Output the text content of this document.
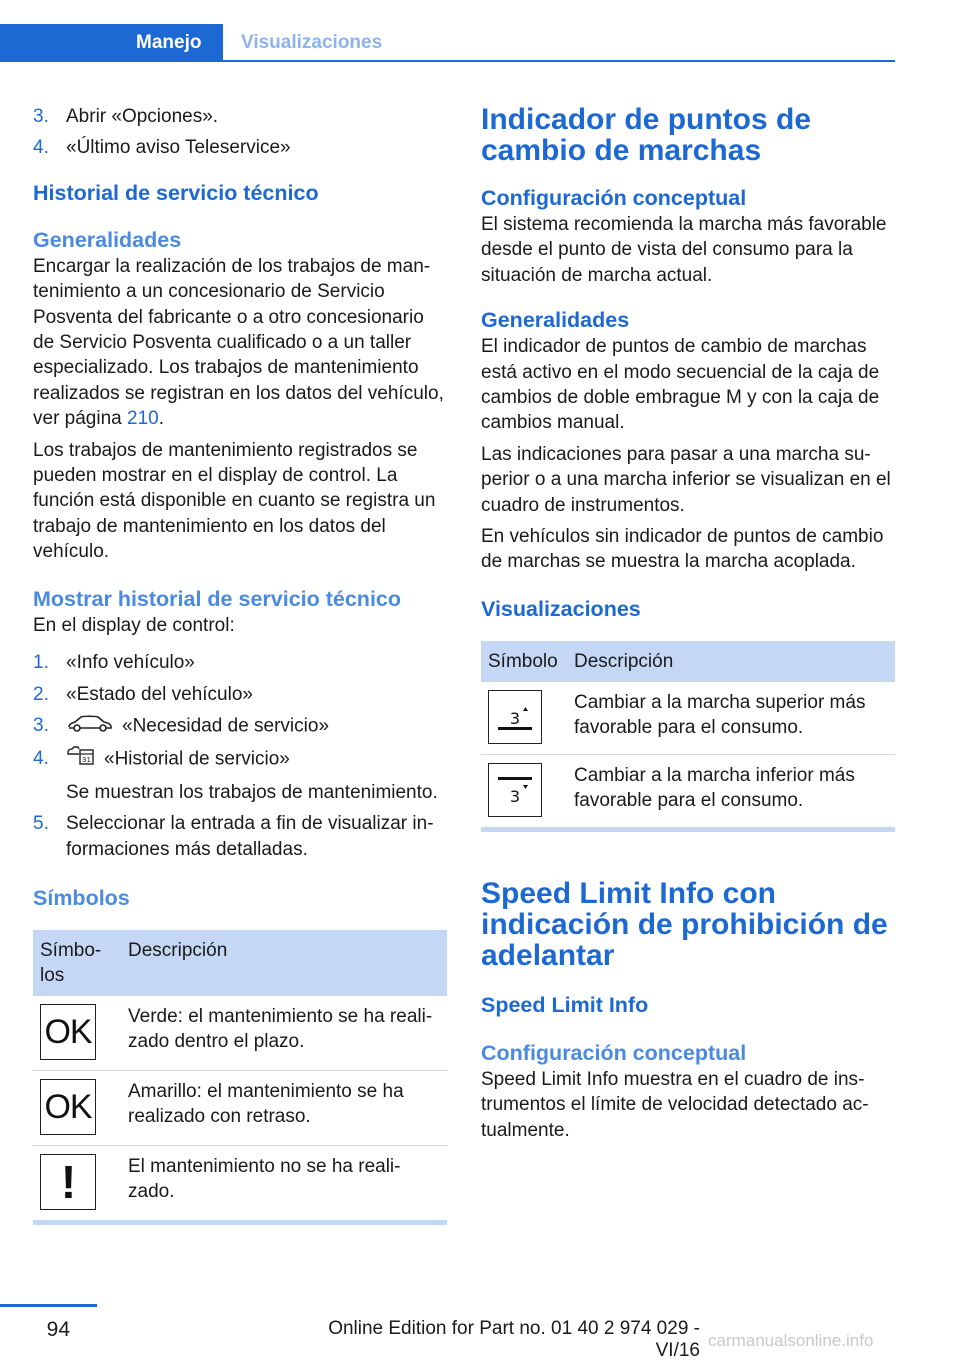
Manejo	Visualizaciones
3. Abrir «Opciones».
4. «Último aviso Teleservice»
Historial de servicio técnico
Generalidades

Encargar la realización de los trabajos de mantenimiento a un concesionario de Servicio Posventa del fabricante o a otro concesionario de Servicio Posventa cualificado o a un taller especializado. Los trabajos de mantenimiento realizados se registran en los datos del vehículo, ver página 210.

Los trabajos de mantenimiento registrados se pueden mostrar en el display de control. La función está disponible en cuanto se registra un trabajo de mantenimiento en los datos del vehículo.

Mostrar historial de servicio técnico

En el display de control:

1. «Info vehículo»
2. «Estado del vehículo»
3.	«Necesidad de servicio»
4.	31 «Historial de servicio»
Se muestran los trabajos de mantenimiento.
5. Seleccionar la entrada a fin de visualizar informaciones más detalladas.
Símbolos
Símbolos	Descripción

OK	Verde: el mantenimiento se ha realizado dentro el plazo.

OK	Amarillo: el mantenimiento se ha realizado con retraso.

!	El mantenimiento no se ha realizado.
Indicador de puntos de cambio de marchas
Configuración conceptual

El sistema recomienda la marcha más favorable desde el punto de vista del consumo para la situación de marcha actual.

Generalidades

El indicador de puntos de cambio de marchas está activo en el modo secuencial de la caja de cambios de doble embrague M y con la caja de cambios manual.

Las indicaciones para pasar a una marcha superior o a una marcha inferior se visualizan en el cuadro de instrumentos.

En vehículos sin indicador de puntos de cambio de marchas se muestra la marcha acoplada.

Visualizaciones
Símbolo	Descripción

3	Cambiar a la marcha superior más favorable para el consumo.

3	Cambiar a la marcha inferior más favorable para el consumo.
Speed Limit Info con indicación de prohibición de adelantar
Speed Limit Info
Configuración conceptual

Speed Limit Info muestra en el cuadro de instrumentos el límite de velocidad detectado actualmente.

94	Online Edition for Part no. 01 40 2 974 029 - VI/16 carmanualsonline.info
